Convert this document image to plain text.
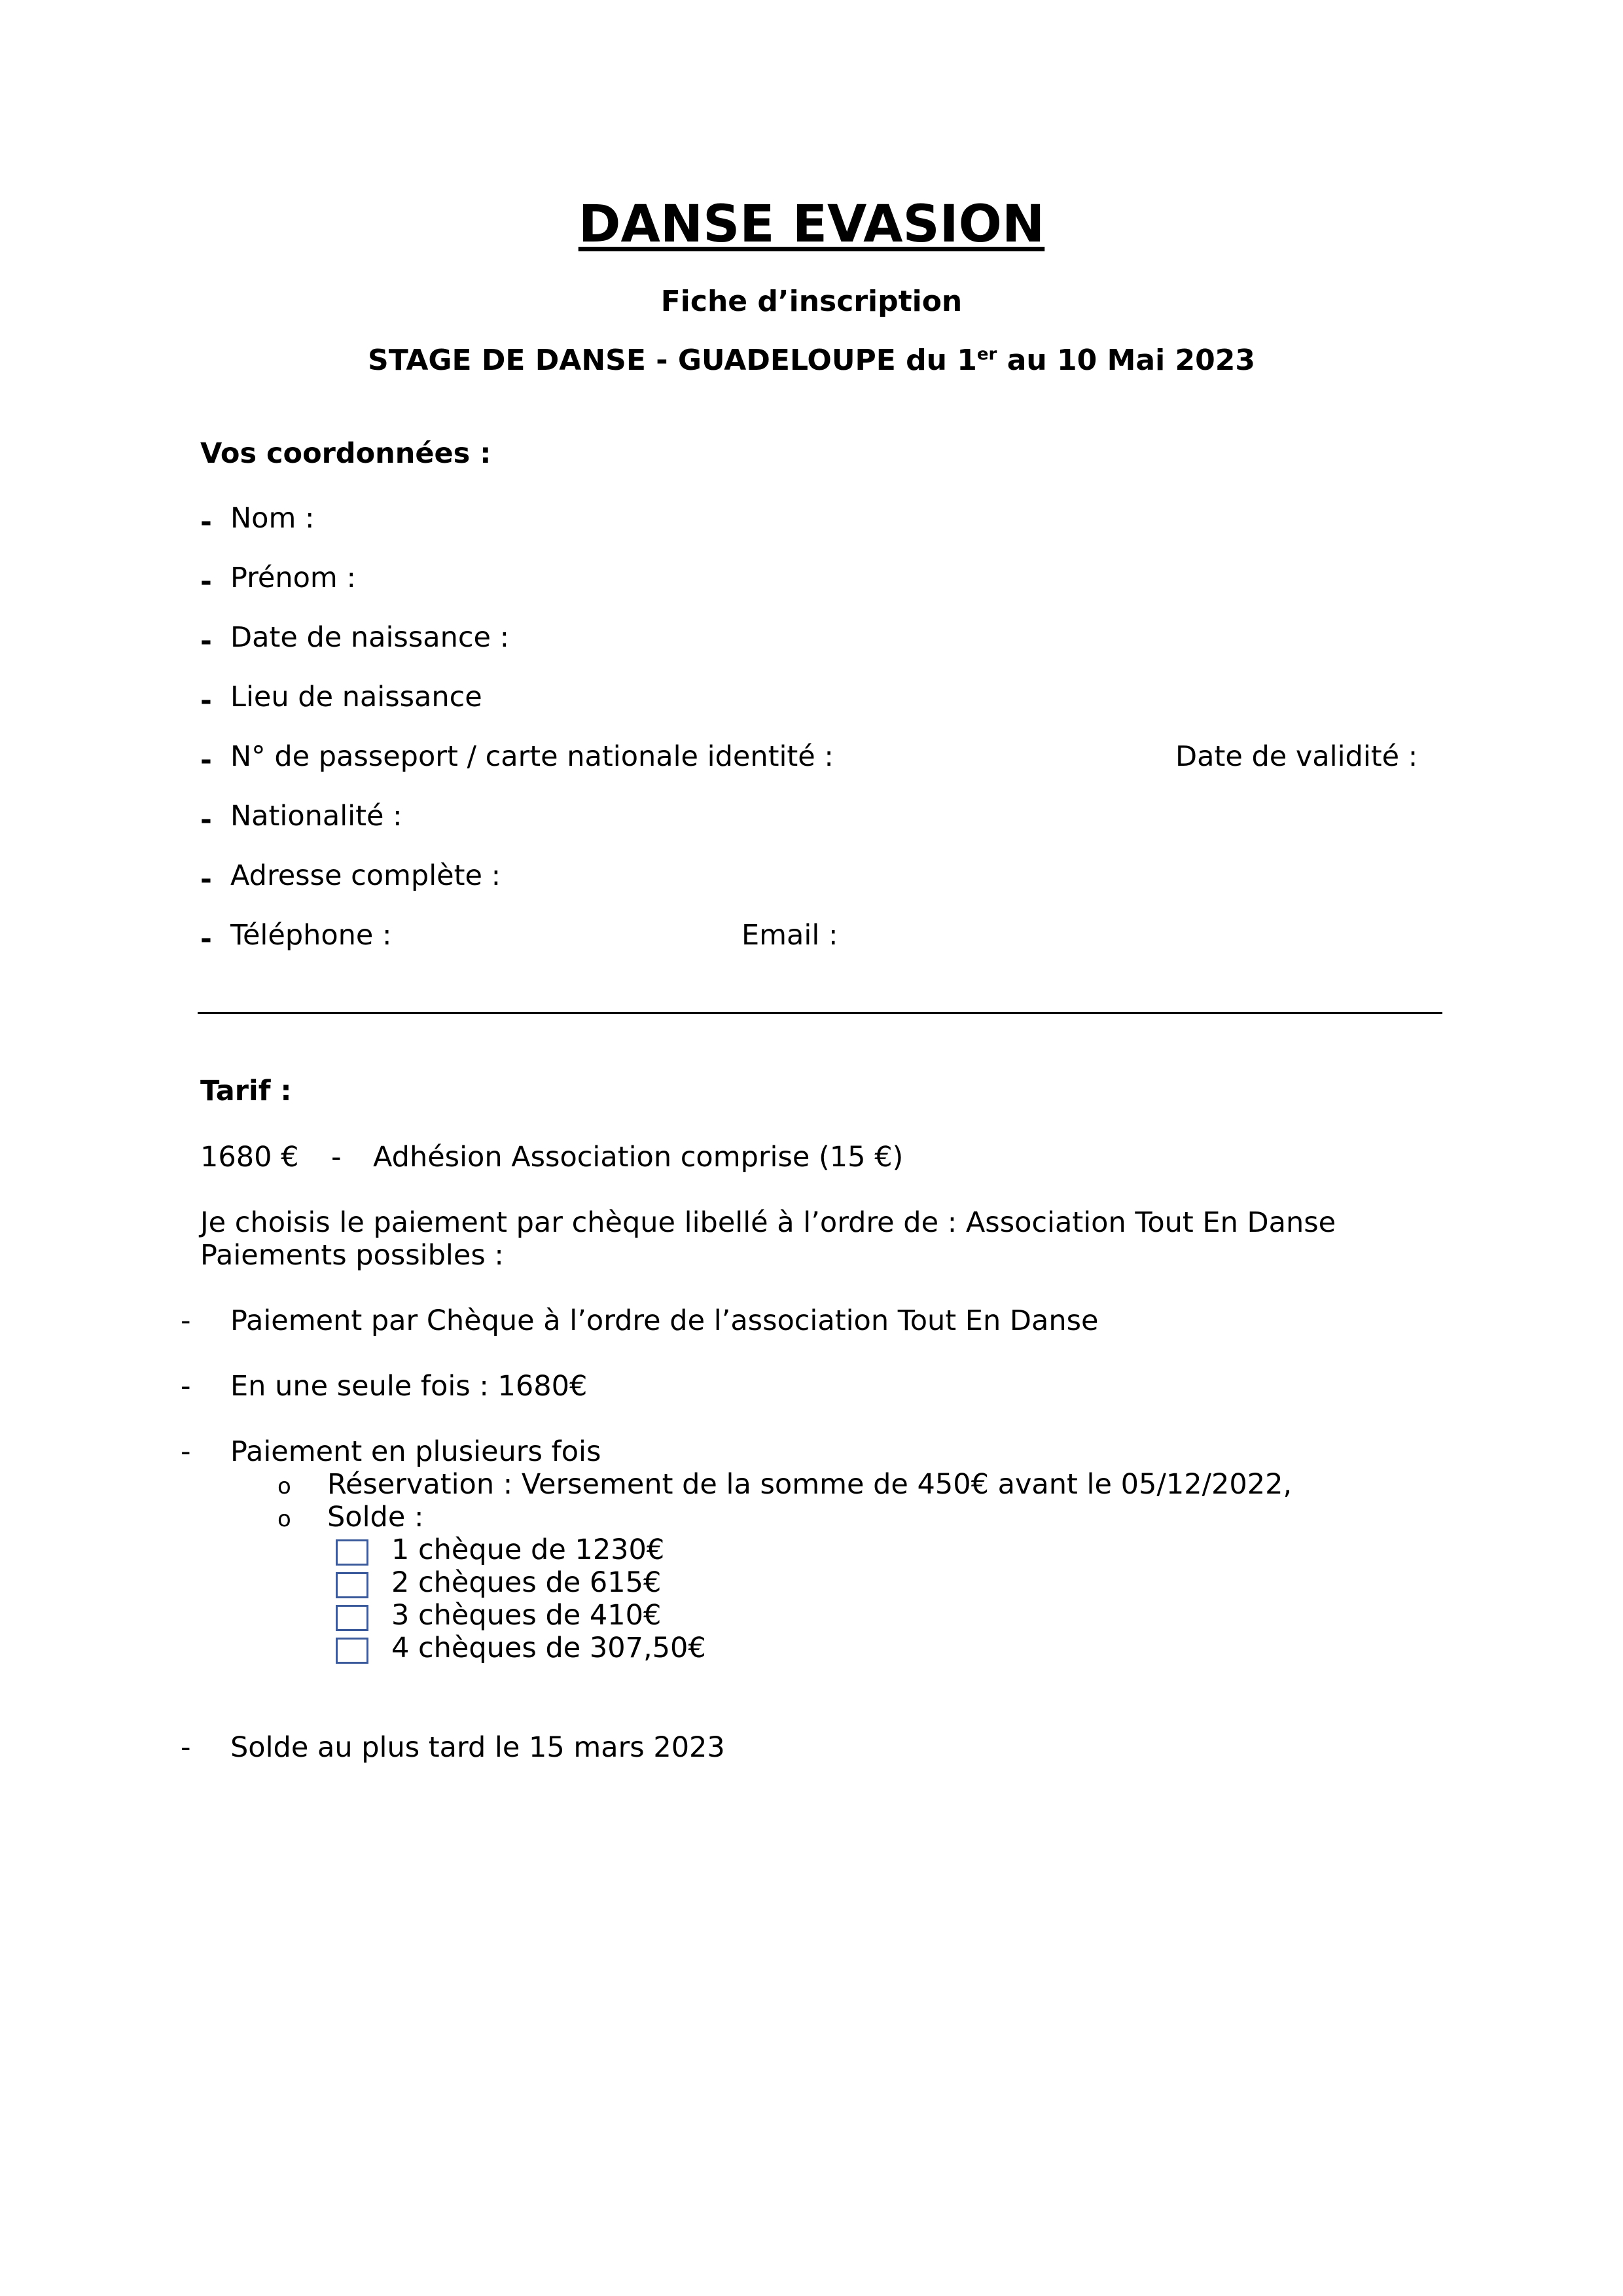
DANSE EVASION
Fiche d’inscription
STAGE DE DANSE - GUADELOUPE du 1er au 10 Mai 2023
Vos coordonnées :
- Nom :
- Prénom :
- Date de naissance :
- Lieu de naissance
- N° de passeport / carte nationale identité :	Date de validité :
- Nationalité :
- Adresse complète :
- Téléphone :	Email :
Tarif :
1680 € - Adhésion Association comprise (15 €)
Je choisis le paiement par chèque libellé à l’ordre de : Association Tout En Danse
Paiements possibles :
- Paiement par Chèque à l’ordre de l’association Tout En Danse
- En une seule fois : 1680€
- Paiement en plusieurs fois
o Réservation : Versement de la somme de 450€ avant le 05/12/2022,
o Solde :
1 chèque de 1230€
2 chèques de 615€
3 chèques de 410€
4 chèques de 307,50€
- Solde au plus tard le 15 mars 2023
